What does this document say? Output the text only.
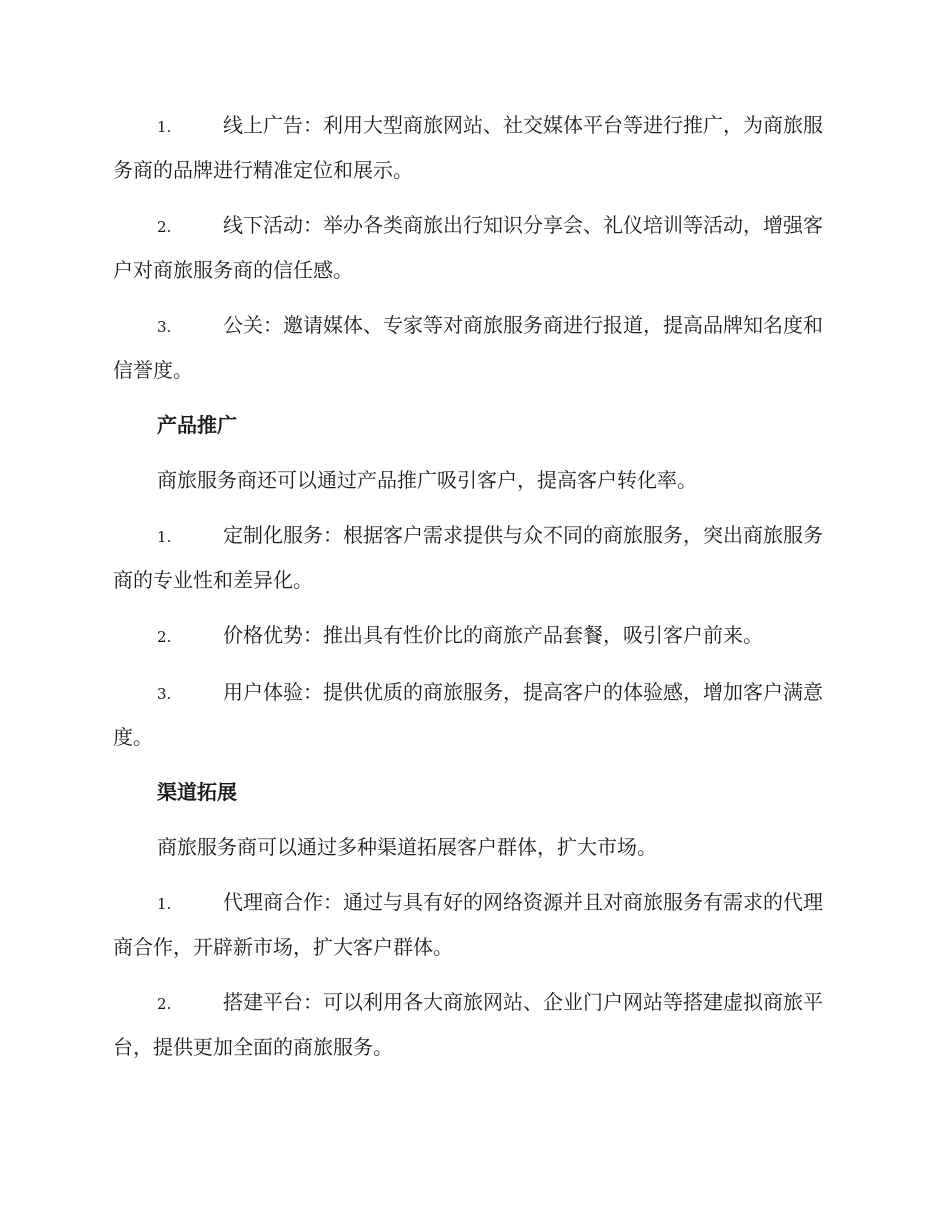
1.	线上广告：利用大型商旅网站、社交媒体平台等进行推广，为商旅服务商的品牌进行精准定位和展示。

2.	线下活动：举办各类商旅出行知识分享会、礼仪培训等活动，增强客户对商旅服务商的信任感。

3.	公关：邀请媒体、专家等对商旅服务商进行报道，提高品牌知名度和信誉度。

产品推广

商旅服务商还可以通过产品推广吸引客户，提高客户转化率。

1.	定制化服务：根据客户需求提供与众不同的商旅服务，突出商旅服务商的专业性和差异化。

2.	价格优势：推出具有性价比的商旅产品套餐，吸引客户前来。

3.	用户体验：提供优质的商旅服务，提高客户的体验感，增加客户满意度。

渠道拓展

商旅服务商可以通过多种渠道拓展客户群体，扩大市场。

1.	代理商合作：通过与具有好的网络资源并且对商旅服务有需求的代理商合作，开辟新市场，扩大客户群体。

2.	搭建平台：可以利用各大商旅网站、企业门户网站等搭建虚拟商旅平台，提供更加全面的商旅服务。
